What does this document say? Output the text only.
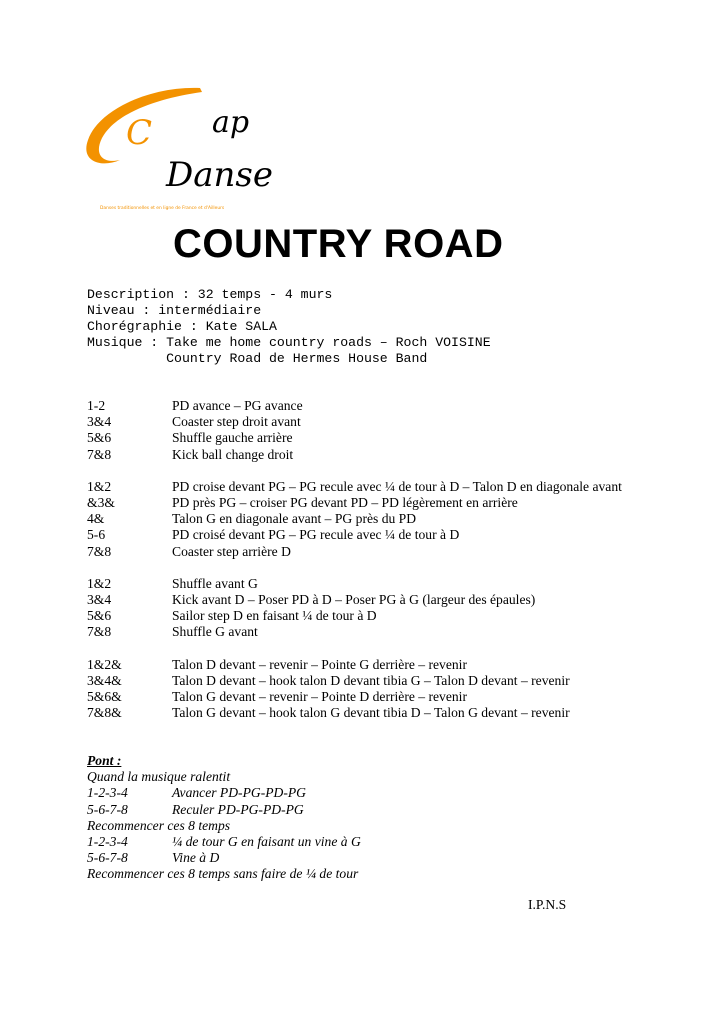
C ap
Danse
Danses traditionnelles et en ligne de France et d'Ailleurs
COUNTRY ROAD
Description : 32 temps - 4 murs
Niveau : intermédiaire
Chorégraphie : Kate SALA
Musique : Take me home country roads – Roch VOISINE
Country Road de Hermes House Band
1-2	PD avance – PG avance
3&4	Coaster step droit avant
5&6	Shuffle gauche arrière
7&8	Kick ball change droit
1&2	PD croise devant PG – PG recule avec ¼ de tour à D – Talon D en diagonale avant
&3&	PD près PG – croiser PG devant PD – PD légèrement en arrière
4&	Talon G en diagonale avant – PG près du PD
5-6	PD croisé devant PG – PG recule avec ¼ de tour à D
7&8	Coaster step arrière D
1&2	Shuffle avant G
3&4	Kick avant D – Poser PD à D – Poser PG à G (largeur des épaules)
5&6	Sailor step D en faisant ¼ de tour à D
7&8	Shuffle G avant
1&2&	Talon D devant – revenir – Pointe G derrière – revenir
3&4&	Talon D devant – hook talon D devant tibia G – Talon D devant – revenir
5&6&	Talon G devant – revenir – Pointe D derrière – revenir
7&8&	Talon G devant – hook talon G devant tibia D – Talon G devant – revenir
Pont :
Quand la musique ralentit
1-2-3-4	Avancer PD-PG-PD-PG
5-6-7-8	Reculer PD-PG-PD-PG
Recommencer ces 8 temps
1-2-3-4	¼ de tour G en faisant un vine à G
5-6-7-8	Vine à D
Recommencer ces 8 temps sans faire de ¼ de tour
I.P.N.S
